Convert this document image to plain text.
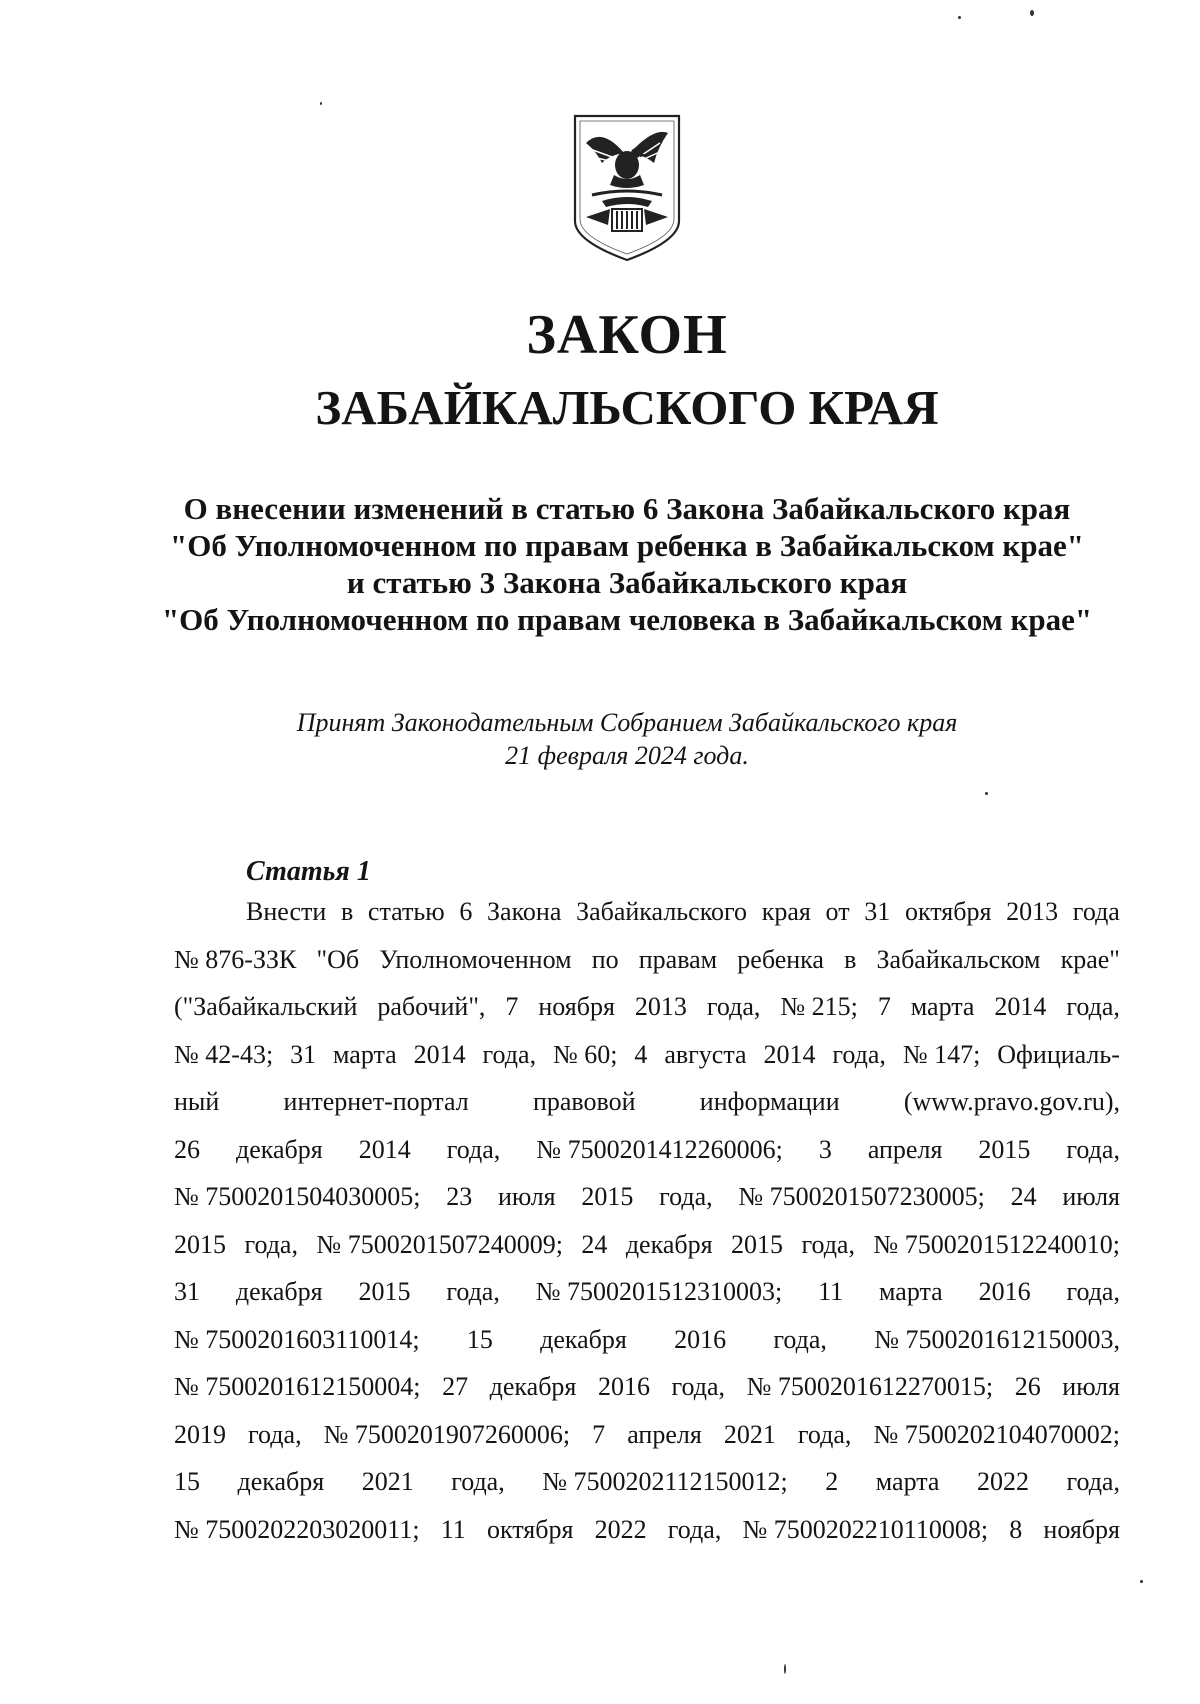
ЗАКОН
ЗАБАЙКАЛЬСКОГО КРАЯ
О внесении изменений в статью 6 Закона Забайкальского края
"Об Уполномоченном по правам ребенка в Забайкальском крае"
и статью 3 Закона Забайкальского края
"Об Уполномоченном по правам человека в Забайкальском крае"
Принят Законодательным Собранием Забайкальского края
21 февраля 2024 года.
Статья 1
Внести в статью 6 Закона Забайкальского края от 31 октября 2013 года
№ 876-ЗЗК "Об Уполномоченном по правам ребенка в Забайкальском крае"
("Забайкальский рабочий", 7 ноября 2013 года, № 215; 7 марта 2014 года,
№ 42-43; 31 марта 2014 года, № 60; 4 августа 2014 года, № 147; Официаль-
ный интернет-портал правовой информации (www.pravo.gov.ru),
26 декабря 2014 года, № 7500201412260006; 3 апреля 2015 года,
№ 7500201504030005; 23 июля 2015 года, № 7500201507230005; 24 июля
2015 года, № 7500201507240009; 24 декабря 2015 года, № 7500201512240010;
31 декабря 2015 года, № 7500201512310003; 11 марта 2016 года,
№ 7500201603110014; 15 декабря 2016 года, № 7500201612150003,
№ 7500201612150004; 27 декабря 2016 года, № 7500201612270015; 26 июля
2019 года, № 7500201907260006; 7 апреля 2021 года, № 7500202104070002;
15 декабря 2021 года, № 7500202112150012; 2 марта 2022 года,
№ 7500202203020011; 11 октября 2022 года, № 7500202210110008; 8 ноября
